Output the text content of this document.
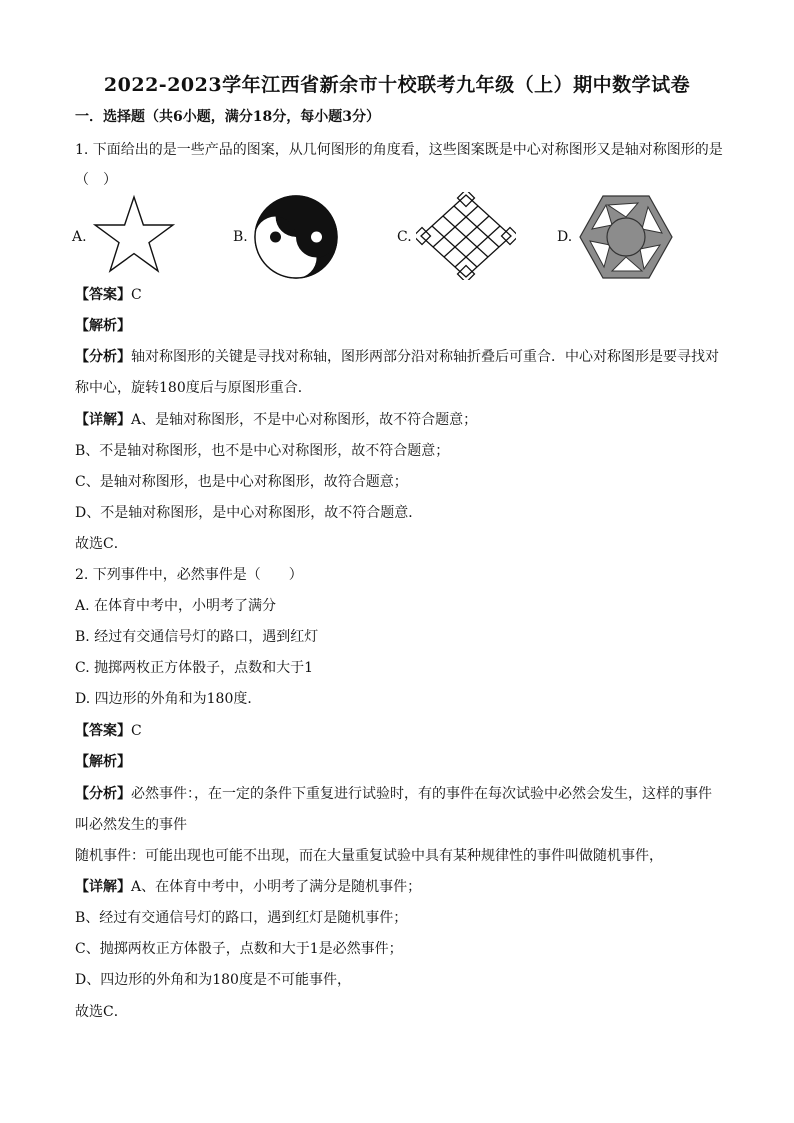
2022-2023学年江西省新余市十校联考九年级（上）期中数学试卷
一．选择题（共6小题，满分18分，每小题3分）
1. 下面给出的是一些产品的图案，从几何图形的角度看，这些图案既是中心对称图形又是轴对称图形的是
（　）
A.	B.	C.	D.
【答案】C
【解析】
【分析】轴对称图形的关键是寻找对称轴，图形两部分沿对称轴折叠后可重合．中心对称图形是要寻找对
称中心，旋转180度后与原图形重合．
【详解】A、是轴对称图形，不是中心对称图形，故不符合题意；
B、不是轴对称图形，也不是中心对称图形，故不符合题意；
C、是轴对称图形，也是中心对称图形，故符合题意；
D、不是轴对称图形，是中心对称图形，故不符合题意．
故选C．
2. 下列事件中，必然事件是（　　）
A. 在体育中考中，小明考了满分
B. 经过有交通信号灯的路口，遇到红灯
C. 抛掷两枚正方体骰子，点数和大于1
D. 四边形的外角和为180度．
【答案】C
【解析】
【分析】必然事件：，在一定的条件下重复进行试验时，有的事件在每次试验中必然会发生，这样的事件
叫必然发生的事件
随机事件：可能出现也可能不出现，而在大量重复试验中具有某种规律性的事件叫做随机事件，
【详解】A、在体育中考中，小明考了满分是随机事件；
B、经过有交通信号灯的路口，遇到红灯是随机事件；
C、抛掷两枚正方体骰子，点数和大于1是必然事件；
D、四边形的外角和为180度是不可能事件，
故选C．
